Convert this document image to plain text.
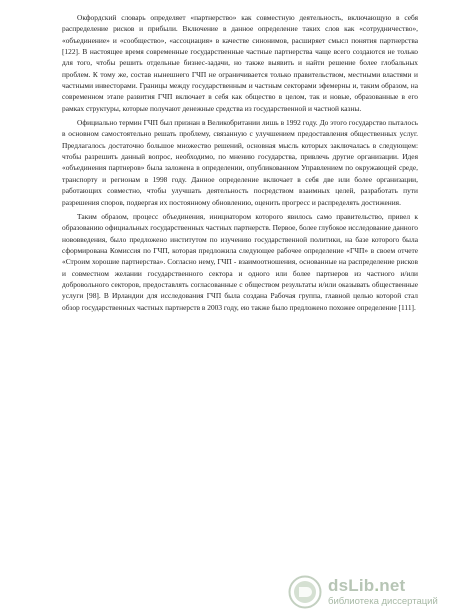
Окфордский словарь определяет «партнерство» как совместную деятельность, включающую в себя распределение рисков и прибыли. Включение в данное определение таких слов как «сотрудничество», «объединение» и «сообщество», «ассоциация» в качестве синонимов, расширяет смысл понятия партнерства [122]. В настоящее время современные государственные частные партнерства чаще всего создаются не только для того, чтобы решить отдельные бизнес-задачи, но также выявить и найти решение более глобальных проблем. К тому же, состав нынешнего ГЧП не ограничивается только правительством, местными властями и частными инвесторами. Границы между государственным и частным секторами эфемерны и, таким образом, на современном этапе развития ГЧП включает в себя как общество в целом, так и новые, образованные в его рамках структуры, которые получают денежные средства из государственной и частной казны.

Официально термин ГЧП был признан в Великобритании лишь в 1992 году. До этого государство пыталось в основном самостоятельно решать проблему, связанную с улучшением предоставления общественных услуг. Предлагалось достаточно большое множество решений, основная мысль которых заключалась в следующем: чтобы разрешить данный вопрос, необходимо, по мнению государства, привлечь другие организации. Идея «объединения партнеров» была заложена в определении, опубликованном Управлением по окружающей среде, транспорту и регионам в 1998 году. Данное определение включает в себя две или более организации, работающих совместно, чтобы улучшать деятельность посредством взаимных целей, разработать пути разрешения споров, подвергая их постоянному обновлению, оценить прогресс и распределять достижения.

Таким образом, процесс объединения, инициатором которого явилось само правительство, привел к образованию официальных государственных частных партнерств. Первое, более глубокое исследование данного нововведения, было предложено институтом по изучению государственной политики, на базе которого была сформирована Комиссия по ГЧП, которая предложила следующее рабочее определение «ГЧП» в своем отчете «Строим хорошие партнерства». Согласно нему, ГЧП - взаимоотношения, основанные на распределение рисков и совместном желании государственного сектора и одного или более партнеров из частного и/или добровольного секторов, предоставлять согласованные с обществом результаты и/или оказывать общественные услуги [98]. В Ирландии для исследования ГЧП была создана Рабочая группа, главной целью которой стал обзор государственных частных партнерств в 2003 году, ею также было предложено похожее определение [111].

dsLib.net
библиотека диссертаций
